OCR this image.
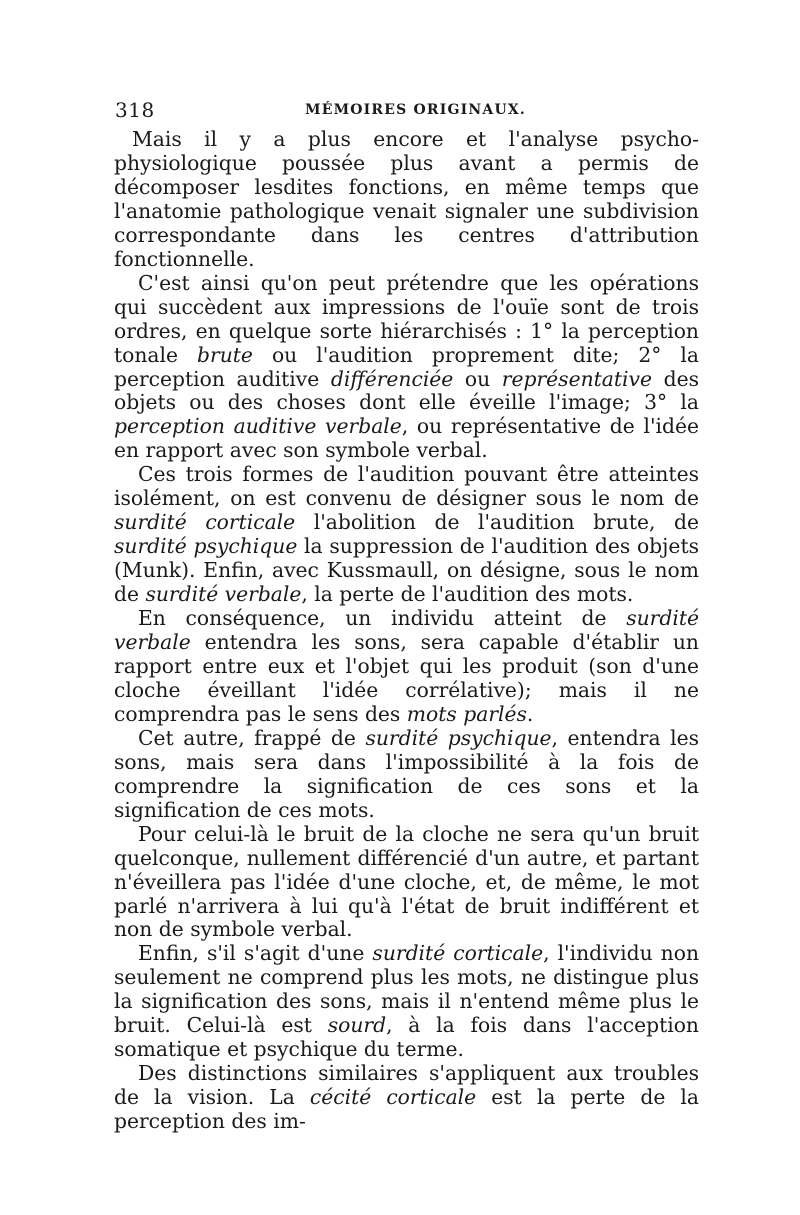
318	MÉMOIRES ORIGINAUX.

Mais il y a plus encore et l'analyse psycho-physiologique poussée plus avant a permis de décomposer lesdites fonctions, en même temps que l'anatomie pathologique venait signaler une subdivision correspondante dans les centres d'attribution fonctionnelle.

C'est ainsi qu'on peut prétendre que les opérations qui succèdent aux impressions de l'ouïe sont de trois ordres, en quelque sorte hiérarchisés : 1° la perception tonale brute ou l'audition proprement dite; 2° la perception auditive différenciée ou représentative des objets ou des choses dont elle éveille l'image; 3° la perception auditive verbale, ou représentative de l'idée en rapport avec son symbole verbal.

Ces trois formes de l'audition pouvant être atteintes isolément, on est convenu de désigner sous le nom de surdité corticale l'abolition de l'audition brute, de surdité psychique la suppression de l'audition des objets (Munk). Enfin, avec Kussmaull, on désigne, sous le nom de surdité verbale, la perte de l'audition des mots.

En conséquence, un individu atteint de surdité verbale entendra les sons, sera capable d'établir un rapport entre eux et l'objet qui les produit (son d'une cloche éveillant l'idée corrélative); mais il ne comprendra pas le sens des mots parlés.

Cet autre, frappé de surdité psychique, entendra les sons, mais sera dans l'impossibilité à la fois de comprendre la signification de ces sons et la signification de ces mots.

Pour celui-là le bruit de la cloche ne sera qu'un bruit quelconque, nullement différencié d'un autre, et partant n'éveillera pas l'idée d'une cloche, et, de même, le mot parlé n'arrivera à lui qu'à l'état de bruit indifférent et non de symbole verbal.

Enfin, s'il s'agit d'une surdité corticale, l'individu non seulement ne comprend plus les mots, ne distingue plus la signification des sons, mais il n'entend même plus le bruit. Celui-là est sourd, à la fois dans l'acception somatique et psychique du terme.

Des distinctions similaires s'appliquent aux troubles de la vision. La cécité corticale est la perte de la perception des im-
